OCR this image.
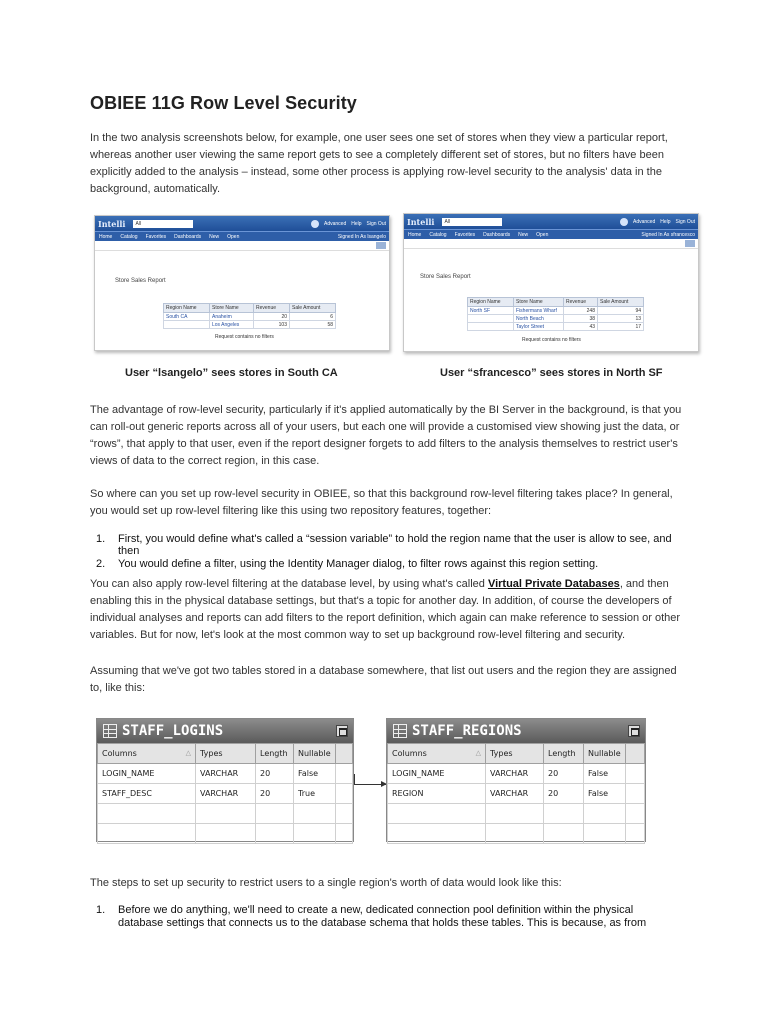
OBIEE 11G Row Level Security

In the two analysis screenshots below, for example, one user sees one set of stores when they view a particular report, whereas another user viewing the same report gets to see a completely different set of stores, but no filters have been explicitly added to the analysis – instead, some other process is applying row-level security to the analysis' data in the background, automatically.

Intelli	All	Advanced Help Sign Out
Home Catalog Favorites Dashboards New Open	Signed In As lsangelo
Store Sales Report
Region Name	Store Name	Revenue	Sale Amount
South CA	Anaheim	20	6
	Los Angeles	103	58
Request contains no filters
Intelli	All	Advanced Help Sign Out
Home Catalog Favorites Dashboards New Open	Signed In As sfrancesco
Store Sales Report
Region Name	Store Name	Revenue	Sale Amount
North SF	Fishermans Wharf	248	94
	North Beach	38	13
	Taylor Street	43	17
Request contains no filters
User “lsangelo” sees stores in South CA	User “sfrancesco” sees stores in North SF

The advantage of row-level security, particularly if it's applied automatically by the BI Server in the background, is that you can roll-out generic reports across all of your users, but each one will provide a customised view showing just the data, or “rows”, that apply to that user, even if the report designer forgets to add filters to the analysis themselves to restrict user's views of data to the correct region, in this case.

So where can you set up row-level security in OBIEE, so that this background row-level filtering takes place? In general, you would set up row-level filtering like this using two repository features, together:

1. First, you would define what's called a “session variable” to hold the region name that the user is allow to see, and then
2. You would define a filter, using the Identity Manager dialog, to filter rows against this region setting.

You can also apply row-level filtering at the database level, by using what's called Virtual Private Databases, and then enabling this in the physical database settings, but that's a topic for another day. In addition, of course the developers of individual analyses and reports can add filters to the report definition, which again can make reference to session or other variables. But for now, let's look at the most common way to set up background row-level filtering and security.

Assuming that we've got two tables stored in a database somewhere, that list out users and the region they are assigned to, like this:

STAFF_LOGINS
Columns △	Types	Length	Nullable	
LOGIN_NAME	VARCHAR	20	False	
STAFF_DESC	VARCHAR	20	True	

STAFF_REGIONS
Columns △	Types	Length	Nullable	
LOGIN_NAME	VARCHAR	20	False	
REGION	VARCHAR	20	False	

The steps to set up security to restrict users to a single region's worth of data would look like this:

1. Before we do anything, we'll need to create a new, dedicated connection pool definition within the physical database settings that connects us to the database schema that holds these tables. This is because, as from
